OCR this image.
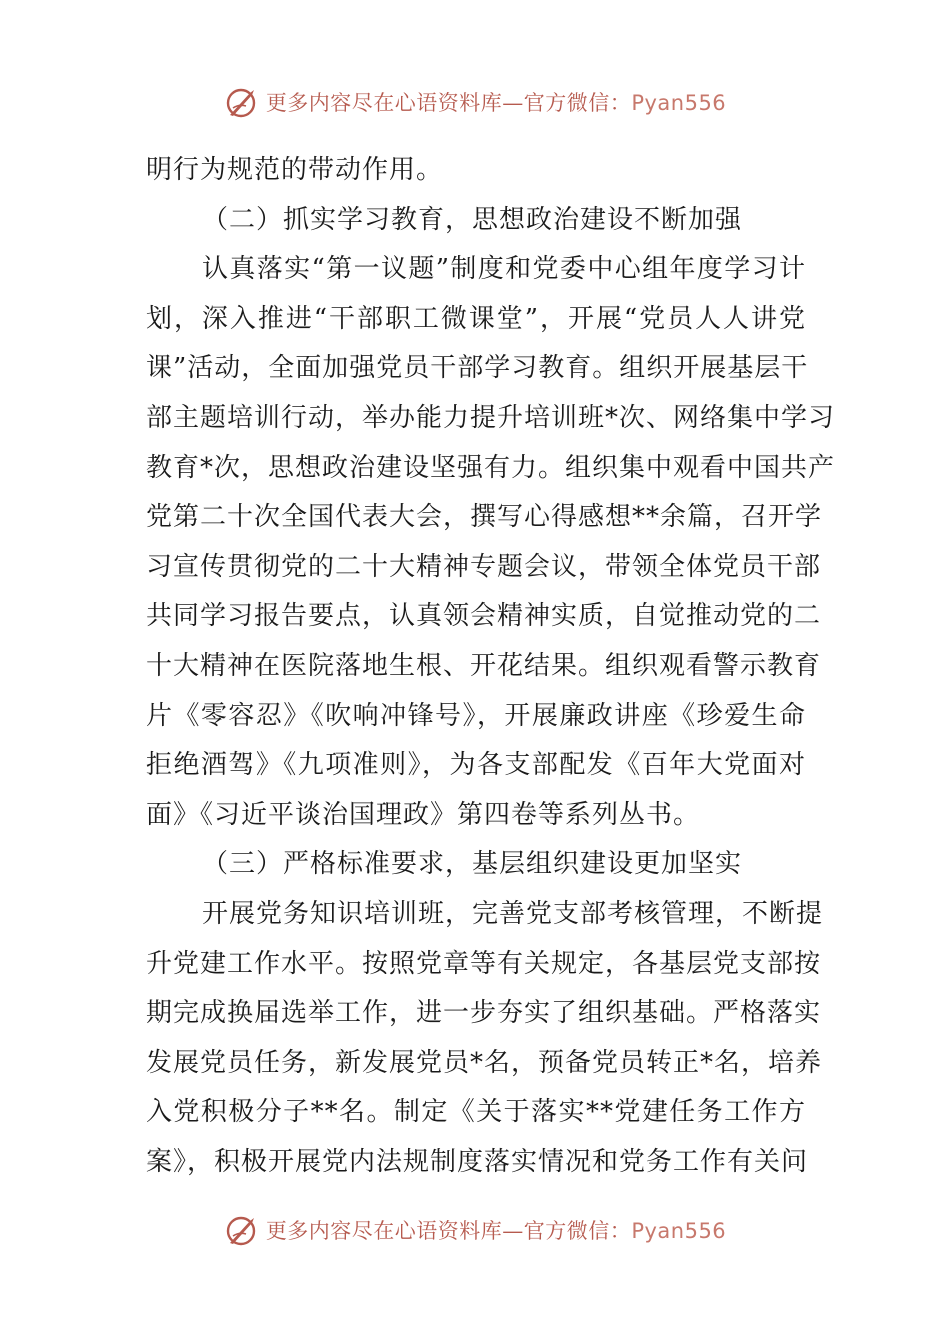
更多内容尽在心语资料库—官方微信：Pyan556
明行为规范的带动作用。
（二）抓实学习教育，思想政治建设不断加强
认真落实“第一议题”制度和党委中心组年度学习计
划，深入推进“干部职工微课堂”，开展“党员人人讲党
课”活动，全面加强党员干部学习教育。组织开展基层干
部主题培训行动，举办能力提升培训班*次、网络集中学习
教育*次，思想政治建设坚强有力。组织集中观看中国共产
党第二十次全国代表大会，撰写心得感想**余篇，召开学
习宣传贯彻党的二十大精神专题会议，带领全体党员干部
共同学习报告要点，认真领会精神实质，自觉推动党的二
十大精神在医院落地生根、开花结果。组织观看警示教育
片《零容忍》《吹响冲锋号》，开展廉政讲座《珍爱生命
拒绝酒驾》《九项准则》，为各支部配发《百年大党面对
面》《习近平谈治国理政》第四卷等系列丛书。
（三）严格标准要求，基层组织建设更加坚实
开展党务知识培训班，完善党支部考核管理，不断提
升党建工作水平。按照党章等有关规定，各基层党支部按
期完成换届选举工作，进一步夯实了组织基础。严格落实
发展党员任务，新发展党员*名，预备党员转正*名，培养
入党积极分子**名。制定《关于落实**党建任务工作方
案》，积极开展党内法规制度落实情况和党务工作有关问
更多内容尽在心语资料库—官方微信：Pyan556
